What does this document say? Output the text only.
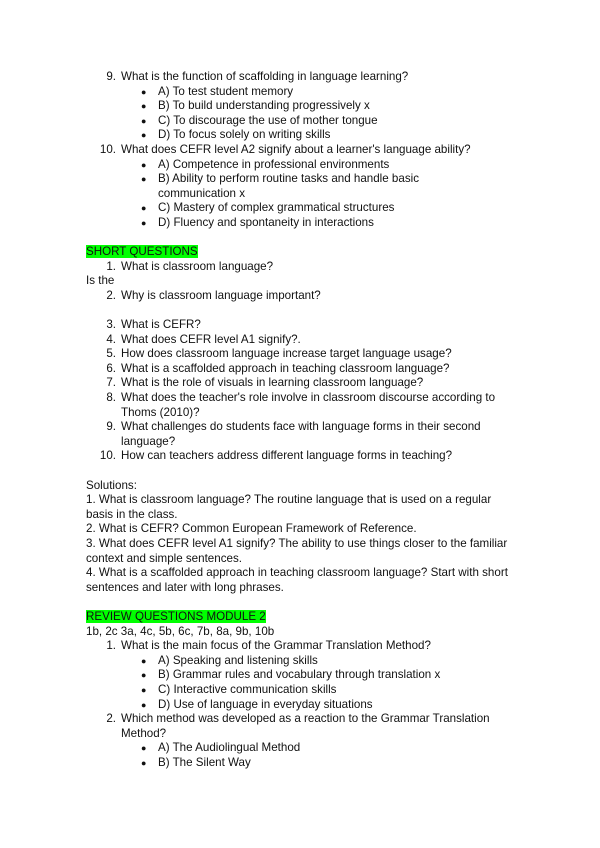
9. What is the function of scaffolding in language learning?
● A) To test student memory
● B) To build understanding progressively x
● C) To discourage the use of mother tongue
● D) To focus solely on writing skills
10. What does CEFR level A2 signify about a learner's language ability?
● A) Competence in professional environments
● B) Ability to perform routine tasks and handle basic communication x
● C) Mastery of complex grammatical structures
● D) Fluency and spontaneity in interactions
SHORT QUESTIONS
1. What is classroom language?
Is the
2. Why is classroom language important?
3. What is CEFR?
4. What does CEFR level A1 signify?.
5. How does classroom language increase target language usage?
6. What is a scaffolded approach in teaching classroom language?
7. What is the role of visuals in learning classroom language?
8. What does the teacher's role involve in classroom discourse according to Thoms (2010)?
9. What challenges do students face with language forms in their second language?
10. How can teachers address different language forms in teaching?
Solutions:
1. What is classroom language? The routine language that is used on a regular basis in the class.
2. What is CEFR? Common European Framework of Reference.
3. What does CEFR level A1 signify? The ability to use things closer to the familiar context and simple sentences.
4. What is a scaffolded approach in teaching classroom language? Start with short sentences and later with long phrases.
REVIEW QUESTIONS MODULE 2
1b, 2c 3a, 4c, 5b, 6c, 7b, 8a, 9b, 10b
1. What is the main focus of the Grammar Translation Method?
● A) Speaking and listening skills
● B) Grammar rules and vocabulary through translation x
● C) Interactive communication skills
● D) Use of language in everyday situations
2. Which method was developed as a reaction to the Grammar Translation Method?
● A) The Audiolingual Method
● B) The Silent Way
